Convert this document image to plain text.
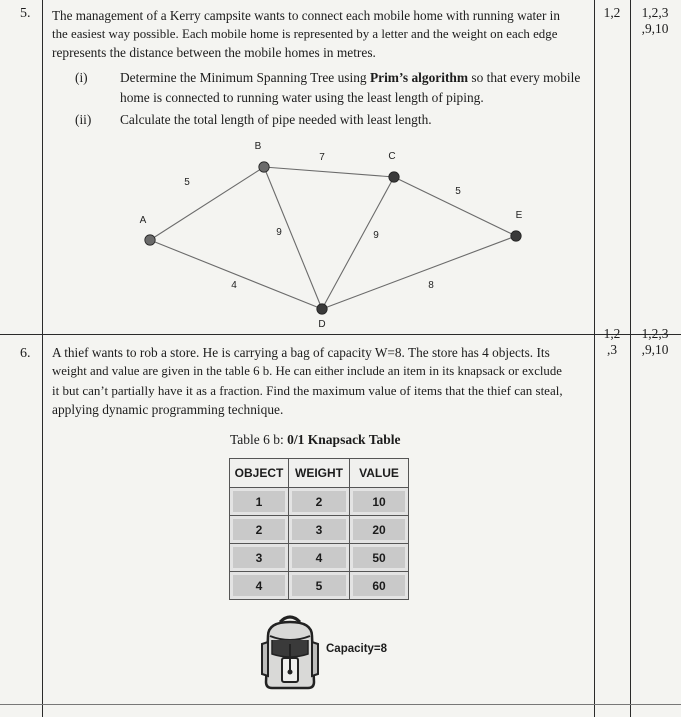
5. The management of a Kerry campsite wants to connect each mobile home with running water in
the easiest way possible. Each mobile home is represented by a letter and the weight on each edge
represents the distance between the mobile homes in metres.
(i) Determine the Minimum Spanning Tree using Prim’s algorithm so that every mobile
home is connected to running water using the least length of piping.
(ii) Calculate the total length of pipe needed with least length.
1,2	1,2,3
,9,10
5
7
5
9	9
4	8
A
B
C
D
E
6. A thief wants to rob a store. He is carrying a bag of capacity W=8. The store has 4 objects. Its
weight and value are given in the table 6 b. He can either include an item in its knapsack or exclude
it but can’t partially have it as a fraction. Find the maximum value of items that the thief can steal,
applying dynamic programming technique.
1,2
,3
1,2,3
,9,10
Table 6 b: 0/1 Knapsack Table
OBJECT	WEIGHT	VALUE
1	2	10
2	3	20
3	4	50
4	5	60
Capacity=8
